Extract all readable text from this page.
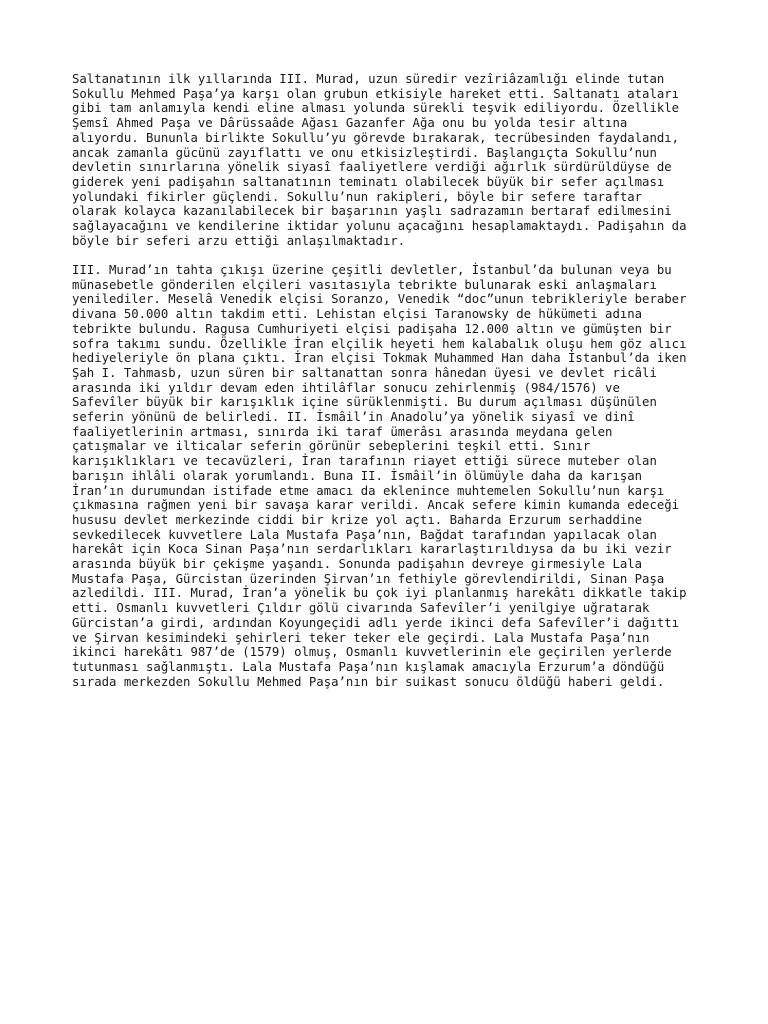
Saltanatının ilk yıllarında III. Murad, uzun süredir vezîriâzamlığı elinde tutan
Sokullu Mehmed Paşa’ya karşı olan grubun etkisiyle hareket etti. Saltanatı ataları
gibi tam anlamıyla kendi eline alması yolunda sürekli teşvik ediliyordu. Özellikle
Şemsî Ahmed Paşa ve Dârüssaâde Ağası Gazanfer Ağa onu bu yolda tesir altına
alıyordu. Bununla birlikte Sokullu’yu görevde bırakarak, tecrübesinden faydalandı,
ancak zamanla gücünü zayıflattı ve onu etkisizleştirdi. Başlangıçta Sokullu’nun
devletin sınırlarına yönelik siyasî faaliyetlere verdiği ağırlık sürdürüldüyse de
giderek yeni padişahın saltanatının teminatı olabilecek büyük bir sefer açılması
yolundaki fikirler güçlendi. Sokullu’nun rakipleri, böyle bir sefere taraftar
olarak kolayca kazanılabilecek bir başarının yaşlı sadrazamın bertaraf edilmesini
sağlayacağını ve kendilerine iktidar yolunu açacağını hesaplamaktaydı. Padişahın da
böyle bir seferi arzu ettiği anlaşılmaktadır.

III. Murad’ın tahta çıkışı üzerine çeşitli devletler, İstanbul’da bulunan veya bu
münasebetle gönderilen elçileri vasıtasıyla tebrikte bulunarak eski anlaşmaları
yenilediler. Meselâ Venedik elçisi Soranzo, Venedik “doc”unun tebrikleriyle beraber
divana 50.000 altın takdim etti. Lehistan elçisi Taranowsky de hükümeti adına
tebrikte bulundu. Ragusa Cumhuriyeti elçisi padişaha 12.000 altın ve gümüşten bir
sofra takımı sundu. Özellikle İran elçilik heyeti hem kalabalık oluşu hem göz alıcı
hediyeleriyle ön plana çıktı. İran elçisi Tokmak Muhammed Han daha İstanbul’da iken
Şah I. Tahmasb, uzun süren bir saltanattan sonra hânedan üyesi ve devlet ricâli
arasında iki yıldır devam eden ihtilâflar sonucu zehirlenmiş (984/1576) ve
Safevîler büyük bir karışıklık içine sürüklenmişti. Bu durum açılması düşünülen
seferin yönünü de belirledi. II. İsmâil’in Anadolu’ya yönelik siyasî ve dinî
faaliyetlerinin artması, sınırda iki taraf ümerâsı arasında meydana gelen
çatışmalar ve ilticalar seferin görünür sebeplerini teşkil etti. Sınır
karışıklıkları ve tecavüzleri, İran tarafının riayet ettiği sürece muteber olan
barışın ihlâli olarak yorumlandı. Buna II. İsmâil’in ölümüyle daha da karışan
İran’ın durumundan istifade etme amacı da eklenince muhtemelen Sokullu’nun karşı
çıkmasına rağmen yeni bir savaşa karar verildi. Ancak sefere kimin kumanda edeceği
hususu devlet merkezinde ciddi bir krize yol açtı. Baharda Erzurum serhaddine
sevkedilecek kuvvetlere Lala Mustafa Paşa’nın, Bağdat tarafından yapılacak olan
harekât için Koca Sinan Paşa’nın serdarlıkları kararlaştırıldıysa da bu iki vezir
arasında büyük bir çekişme yaşandı. Sonunda padişahın devreye girmesiyle Lala
Mustafa Paşa, Gürcistan üzerinden Şirvan’ın fethiyle görevlendirildi, Sinan Paşa
azledildi. III. Murad, İran’a yönelik bu çok iyi planlanmış harekâtı dikkatle takip
etti. Osmanlı kuvvetleri Çıldır gölü civarında Safevîler’i yenilgiye uğratarak
Gürcistan’a girdi, ardından Koyungeçidi adlı yerde ikinci defa Safevîler’i dağıttı
ve Şirvan kesimindeki şehirleri teker teker ele geçirdi. Lala Mustafa Paşa’nın
ikinci harekâtı 987’de (1579) olmuş, Osmanlı kuvvetlerinin ele geçirilen yerlerde
tutunması sağlanmıştı. Lala Mustafa Paşa’nın kışlamak amacıyla Erzurum’a döndüğü
sırada merkezden Sokullu Mehmed Paşa’nın bir suikast sonucu öldüğü haberi geldi.
